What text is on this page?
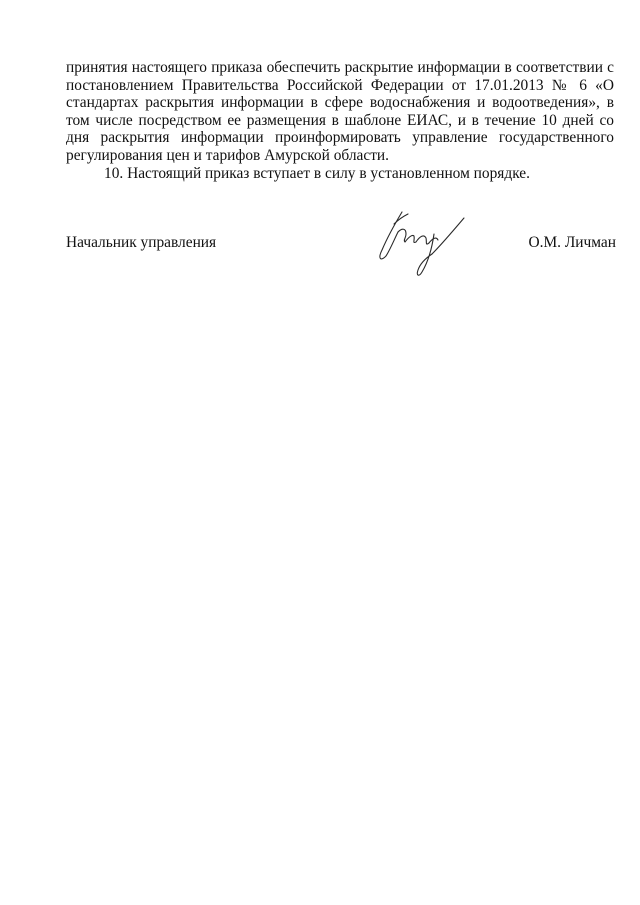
принятия настоящего приказа обеспечить раскрытие информации в соответствии с постановлением Правительства Российской Федерации от 17.01.2013 № 6 «О стандартах раскрытия информации в сфере водоснабжения и водоотведения», в том числе посредством ее размещения в шаблоне ЕИАС, и в течение 10 дней со дня раскрытия информации проинформировать управление государственного регулирования цен и тарифов Амурской области.

10. Настоящий приказ вступает в силу в установленном порядке.

Начальник управления	О.М. Личман
